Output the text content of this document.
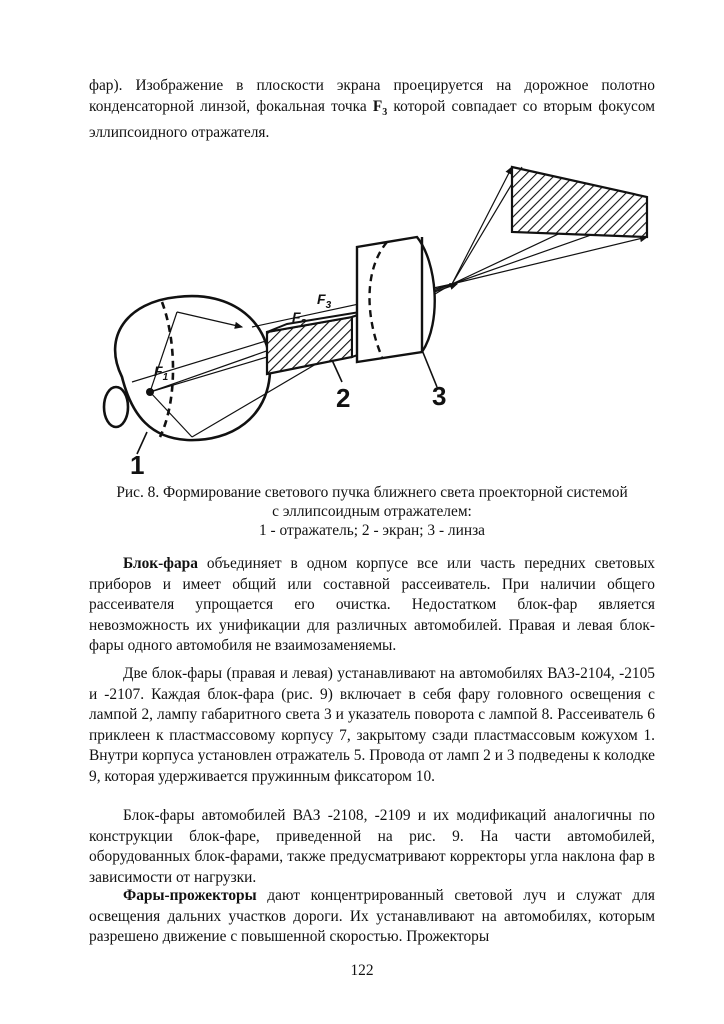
фар). Изображение в плоскости экрана проецируется на дорожное полотно конденсаторной линзой, фокальная точка $F_3$ которой совпадает со вторым фокусом эллипсоидного отражателя.

1
2	3
$F_1$
$F_2$
$F_3$
Рис. 8. Формирование светового пучка ближнего света проекторной системой
с эллипсоидным отражателем:
1 - отражатель; 2 - экран; 3 - линза

Блок-фара объединяет в одном корпусе все или часть передних световых приборов и имеет общий или составной рассеиватель. При наличии общего рассеивателя упрощается его очистка. Недостатком блок-фар является невозможность их унификации для различных автомобилей. Правая и левая блок-фары одного автомобиля не взаимозаменяемы.

Две блок-фары (правая и левая) устанавливают на автомобилях ВАЗ-2104, -2105 и -2107. Каждая блок-фара (рис. 9) включает в себя фару головного освещения с лампой 2, лампу габаритного света 3 и указатель поворота с лампой 8. Рассеиватель 6 приклеен к пластмассовому корпусу 7, закрытому сзади пластмассовым кожухом 1. Внутри корпуса установлен отражатель 5. Провода от ламп 2 и 3 подведены к колодке 9, которая удерживается пружинным фиксатором 10.

Блок-фары автомобилей ВАЗ -2108, -2109 и их модификаций аналогичны по конструкции блок-фаре, приведенной на рис. 9. На части автомобилей, оборудованных блок-фарами, также предусматривают корректоры угла наклона фар в зависимости от нагрузки.

Фары-прожекторы дают концентрированный световой луч и служат для освещения дальних участков дороги. Их устанавливают на автомобилях, которым разрешено движение с повышенной скоростью. Прожекторы

122
